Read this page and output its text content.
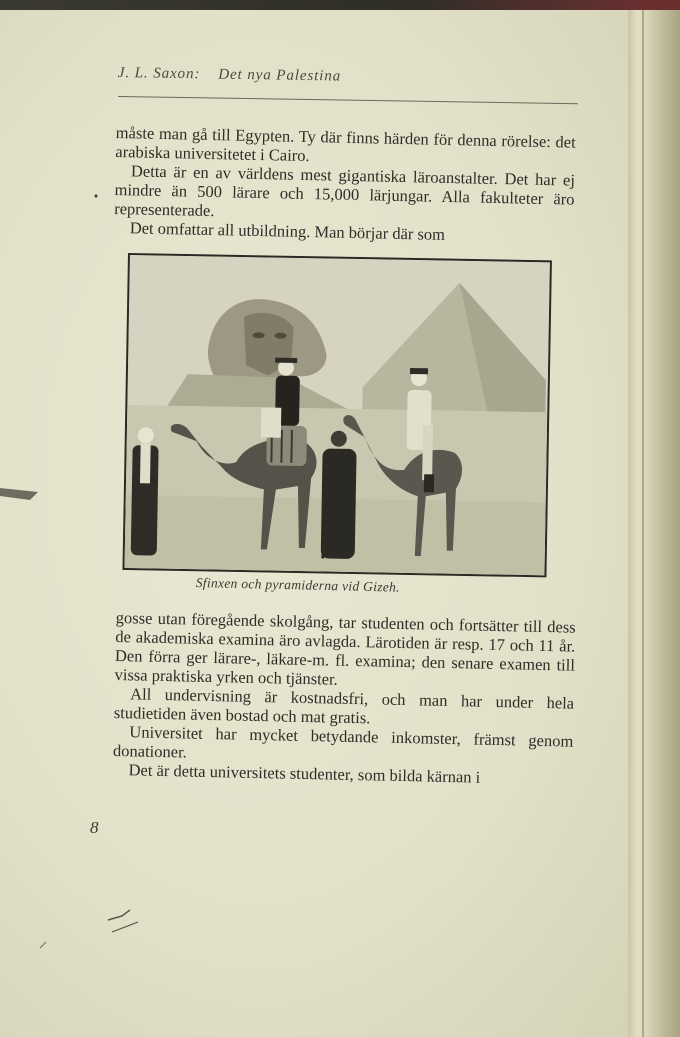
J. L. Saxon: Det nya Palestina

måste man gå till Egypten. Ty där finns härden för denna rörelse: det arabiska universitetet i Cairo.

Detta är en av världens mest gigantiska läroanstalter. Det har ej mindre än 500 lärare och 15,000 lärjungar. Alla fakulteter äro representerade.

Det omfattar all utbildning. Man börjar där som

Sfinxen och pyramiderna vid Gizeh.

gosse utan föregående skolgång, tar studenten och fortsätter till dess de akademiska examina äro avlagda. Lärotiden är resp. 17 och 11 år. Den förra ger lärare-, läkare-m. fl. examina; den senare examen till vissa praktiska yrken och tjänster.

All undervisning är kostnadsfri, och man har under hela studietiden även bostad och mat gratis.

Universitet har mycket betydande inkomster, främst genom donationer.

Det är detta universitets studenter, som bilda kärnan i

8
